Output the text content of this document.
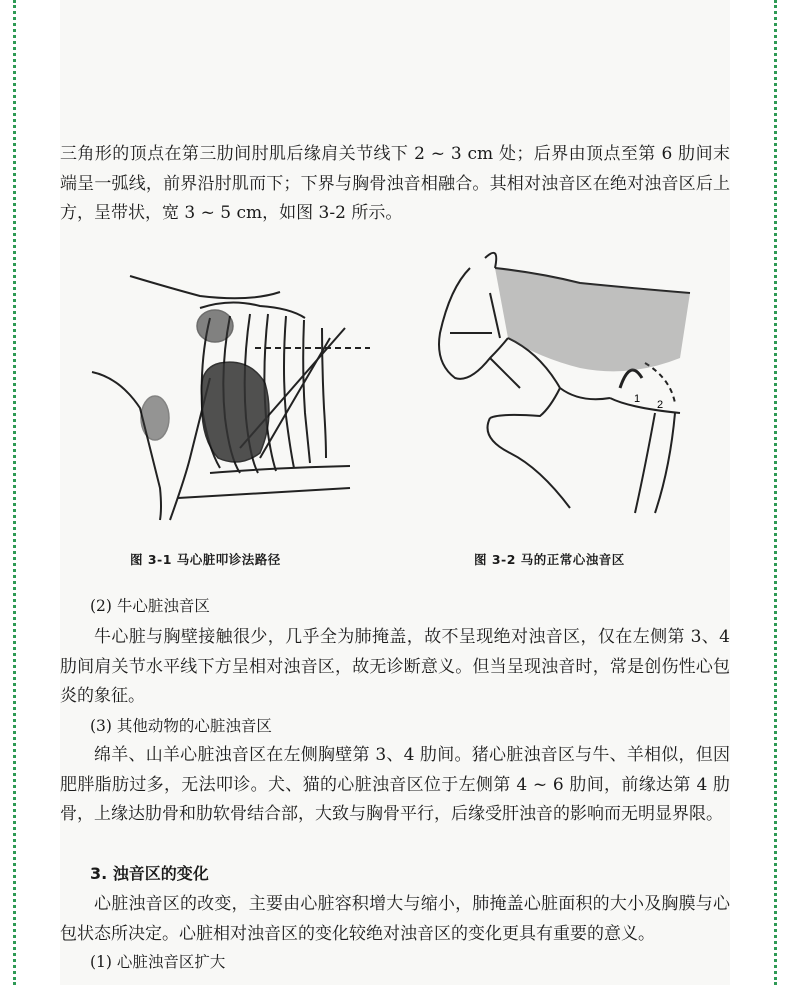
三角形的顶点在第三肋间肘肌后缘肩关节线下 2 ~ 3 cm 处；后界由顶点至第 6 肋间末端呈一弧线，前界沿肘肌而下；下界与胸骨浊音相融合。其相对浊音区在绝对浊音区后上方，呈带状，宽 3 ~ 5 cm，如图 3-2 所示。
图 3-1 马心脏叩诊法路径
1 2
图 3-2 马的正常心浊音区
(2) 牛心脏浊音区
牛心脏与胸壁接触很少，几乎全为肺掩盖，故不呈现绝对浊音区，仅在左侧第 3、4 肋间肩关节水平线下方呈相对浊音区，故无诊断意义。但当呈现浊音时，常是创伤性心包炎的象征。
(3) 其他动物的心脏浊音区
绵羊、山羊心脏浊音区在左侧胸壁第 3、4 肋间。猪心脏浊音区与牛、羊相似，但因肥胖脂肪过多，无法叩诊。犬、猫的心脏浊音区位于左侧第 4 ~ 6 肋间，前缘达第 4 肋骨，上缘达肋骨和肋软骨结合部，大致与胸骨平行，后缘受肝浊音的影响而无明显界限。
3. 浊音区的变化
心脏浊音区的改变，主要由心脏容积增大与缩小，肺掩盖心脏面积的大小及胸膜与心包状态所决定。心脏相对浊音区的变化较绝对浊音区的变化更具有重要的意义。
(1) 心脏浊音区扩大
